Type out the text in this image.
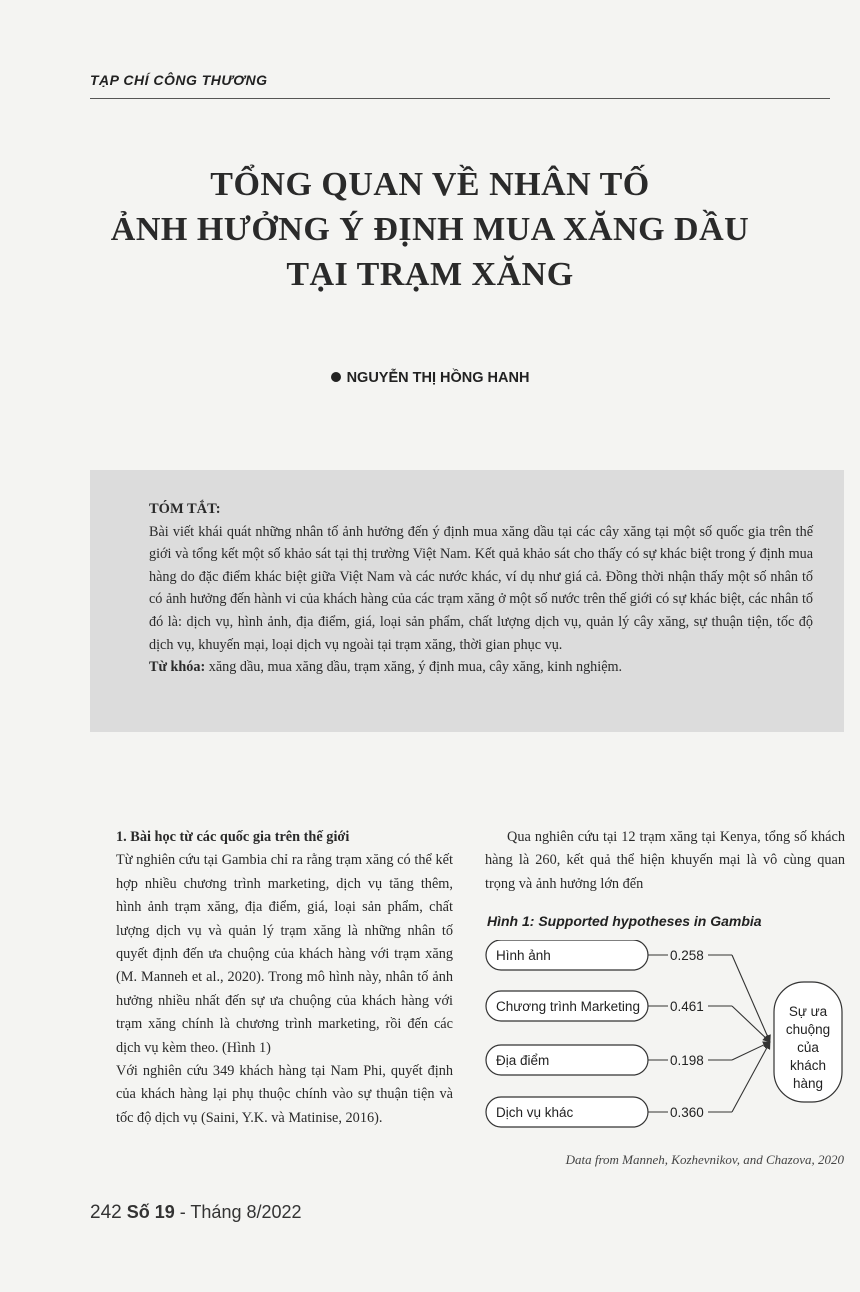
TẠP CHÍ CÔNG THƯƠNG
TỔNG QUAN VỀ NHÂN TỐ
ẢNH HƯỞNG Ý ĐỊNH MUA XĂNG DẦU
TẠI TRẠM XĂNG
NGUYỄN THỊ HỒNG HANH
TÓM TẮT:
Bài viết khái quát những nhân tố ảnh hưởng đến ý định mua xăng dầu tại các cây xăng tại một số quốc gia trên thế giới và tổng kết một số khảo sát tại thị trường Việt Nam. Kết quả khảo sát cho thấy có sự khác biệt trong ý định mua hàng do đặc điểm khác biệt giữa Việt Nam và các nước khác, ví dụ như giá cả. Đồng thời nhận thấy một số nhân tố có ảnh hưởng đến hành vi của khách hàng của các trạm xăng ở một số nước trên thế giới có sự khác biệt, các nhân tố đó là: dịch vụ, hình ảnh, địa điểm, giá, loại sản phẩm, chất lượng dịch vụ, quản lý cây xăng, sự thuận tiện, tốc độ dịch vụ, khuyến mại, loại dịch vụ ngoài tại trạm xăng, thời gian phục vụ.
Từ khóa: xăng dầu, mua xăng dầu, trạm xăng, ý định mua, cây xăng, kinh nghiệm.
1. Bài học từ các quốc gia trên thế giới

Từ nghiên cứu tại Gambia chỉ ra rằng trạm xăng có thể kết hợp nhiều chương trình marketing, dịch vụ tăng thêm, hình ảnh trạm xăng, địa điểm, giá, loại sản phẩm, chất lượng dịch vụ và quản lý trạm xăng là những nhân tố quyết định đến ưa chuộng của khách hàng với trạm xăng (M. Manneh et al., 2020). Trong mô hình này, nhân tố ảnh hưởng nhiều nhất đến sự ưa chuộng của khách hàng với trạm xăng chính là chương trình marketing, rồi đến các dịch vụ kèm theo. (Hình 1)

Với nghiên cứu 349 khách hàng tại Nam Phi, quyết định của khách hàng lại phụ thuộc chính vào sự thuận tiện và tốc độ dịch vụ (Saini, Y.K. và Matinise, 2016).

Qua nghiên cứu tại 12 trạm xăng tại Kenya, tổng số khách hàng là 260, kết quả thể hiện khuyến mại là vô cùng quan trọng và ảnh hưởng lớn đến

Hình 1: Supported hypotheses in Gambia
Hình ảnh	0.258
Chương trình Marketing 0.461
Địa điểm	0.198
Dịch vụ khác	0.360
Sự ưa chuộng của khách hàng
Data from Manneh, Kozhevnikov, and Chazova, 2020
242 Số 19 - Tháng 8/2022
